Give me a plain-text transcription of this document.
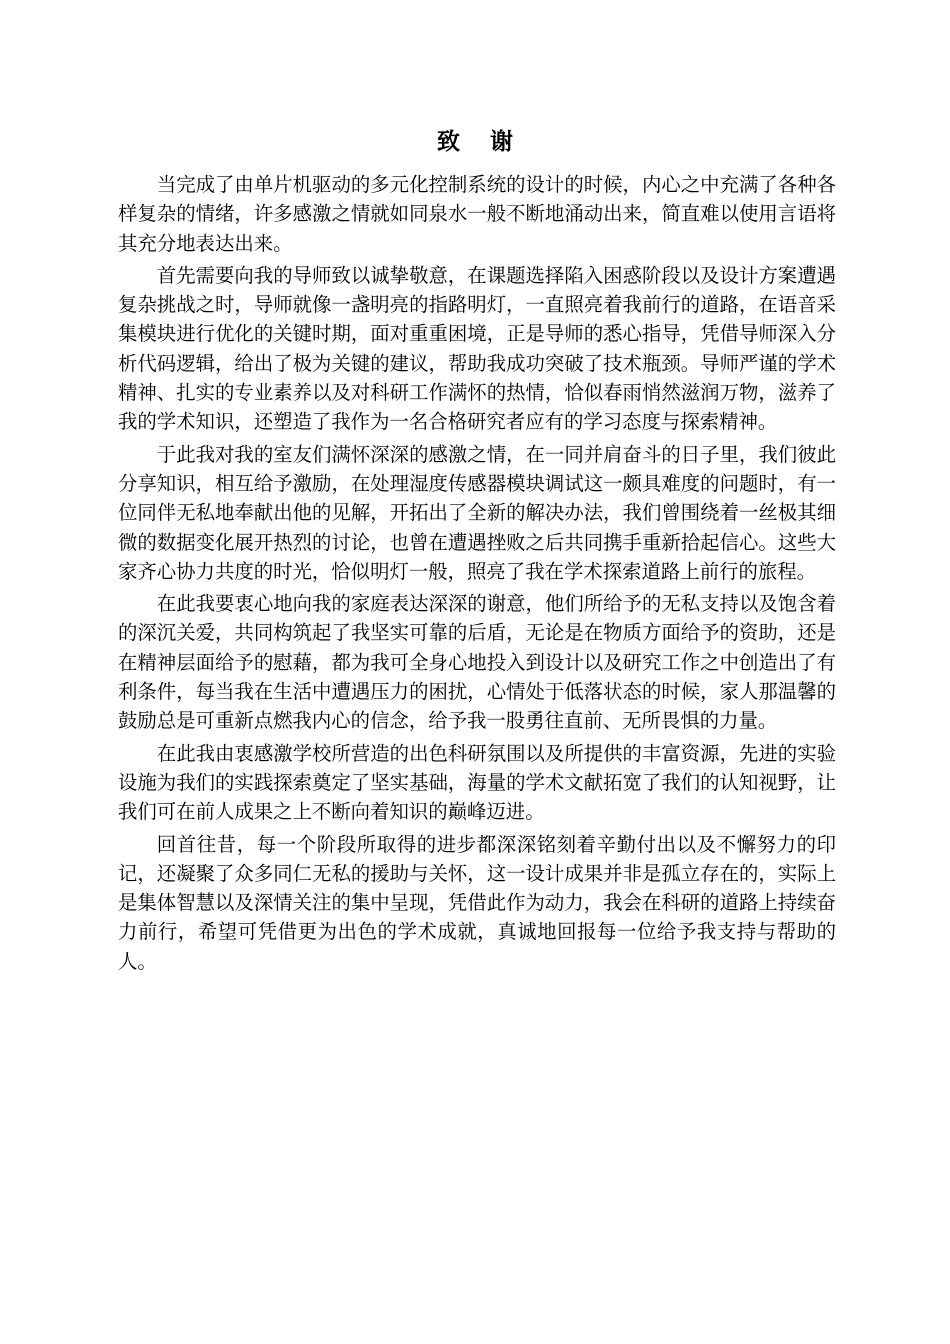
致谢

当完成了由单片机驱动的多元化控制系统的设计的时候，内心之中充满了各种各样复杂的情绪，许多感激之情就如同泉水一般不断地涌动出来，简直难以使用言语将其充分地表达出来。

首先需要向我的导师致以诚挚敬意，在课题选择陷入困惑阶段以及设计方案遭遇复杂挑战之时，导师就像一盏明亮的指路明灯，一直照亮着我前行的道路，在语音采集模块进行优化的关键时期，面对重重困境，正是导师的悉心指导，凭借导师深入分析代码逻辑，给出了极为关键的建议，帮助我成功突破了技术瓶颈。导师严谨的学术精神、扎实的专业素养以及对科研工作满怀的热情，恰似春雨悄然滋润万物，滋养了我的学术知识，还塑造了我作为一名合格研究者应有的学习态度与探索精神。

于此我对我的室友们满怀深深的感激之情，在一同并肩奋斗的日子里，我们彼此分享知识，相互给予激励，在处理湿度传感器模块调试这一颇具难度的问题时，有一位同伴无私地奉献出他的见解，开拓出了全新的解决办法，我们曾围绕着一丝极其细微的数据变化展开热烈的讨论，也曾在遭遇挫败之后共同携手重新拾起信心。这些大家齐心协力共度的时光，恰似明灯一般，照亮了我在学术探索道路上前行的旅程。

在此我要衷心地向我的家庭表达深深的谢意，他们所给予的无私支持以及饱含着的深沉关爱，共同构筑起了我坚实可靠的后盾，无论是在物质方面给予的资助，还是在精神层面给予的慰藉，都为我可全身心地投入到设计以及研究工作之中创造出了有利条件，每当我在生活中遭遇压力的困扰，心情处于低落状态的时候，家人那温馨的鼓励总是可重新点燃我内心的信念，给予我一股勇往直前、无所畏惧的力量。

在此我由衷感激学校所营造的出色科研氛围以及所提供的丰富资源，先进的实验设施为我们的实践探索奠定了坚实基础，海量的学术文献拓宽了我们的认知视野，让我们可在前人成果之上不断向着知识的巅峰迈进。

回首往昔，每一个阶段所取得的进步都深深铭刻着辛勤付出以及不懈努力的印记，还凝聚了众多同仁无私的援助与关怀，这一设计成果并非是孤立存在的，实际上是集体智慧以及深情关注的集中呈现，凭借此作为动力，我会在科研的道路上持续奋力前行，希望可凭借更为出色的学术成就，真诚地回报每一位给予我支持与帮助的人。
